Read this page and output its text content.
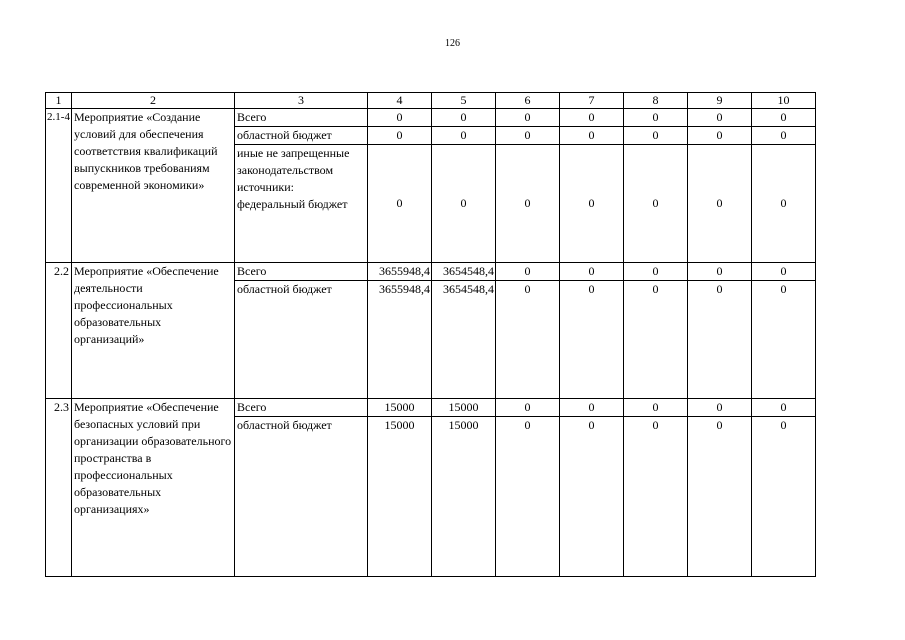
126
1	2	3	4	5	6	7	8	9	10
2.1-4	Мероприятие «Создание условий для обеспечения соответствия квалификаций выпускников требованиям современной экономики»	Всего	0	0	0	0	0	0	0
		областной бюджет	0	0	0	0	0	0	0
		иные не запрещенные законодательством источники: федеральный бюджет	0	0	0	0	0	0	0
2.2	Мероприятие «Обеспечение деятельности профессиональных образовательных организаций»	Всего	3655948,4	3654548,4	0	0	0	0	0
		областной бюджет	3655948,4	3654548,4	0	0	0	0	0
2.3	Мероприятие «Обеспечение безопасных условий при организации образовательного пространства в профессиональных образовательных организациях»	Всего	15000	15000	0	0	0	0	0
		областной бюджет	15000	15000	0	0	0	0	0
